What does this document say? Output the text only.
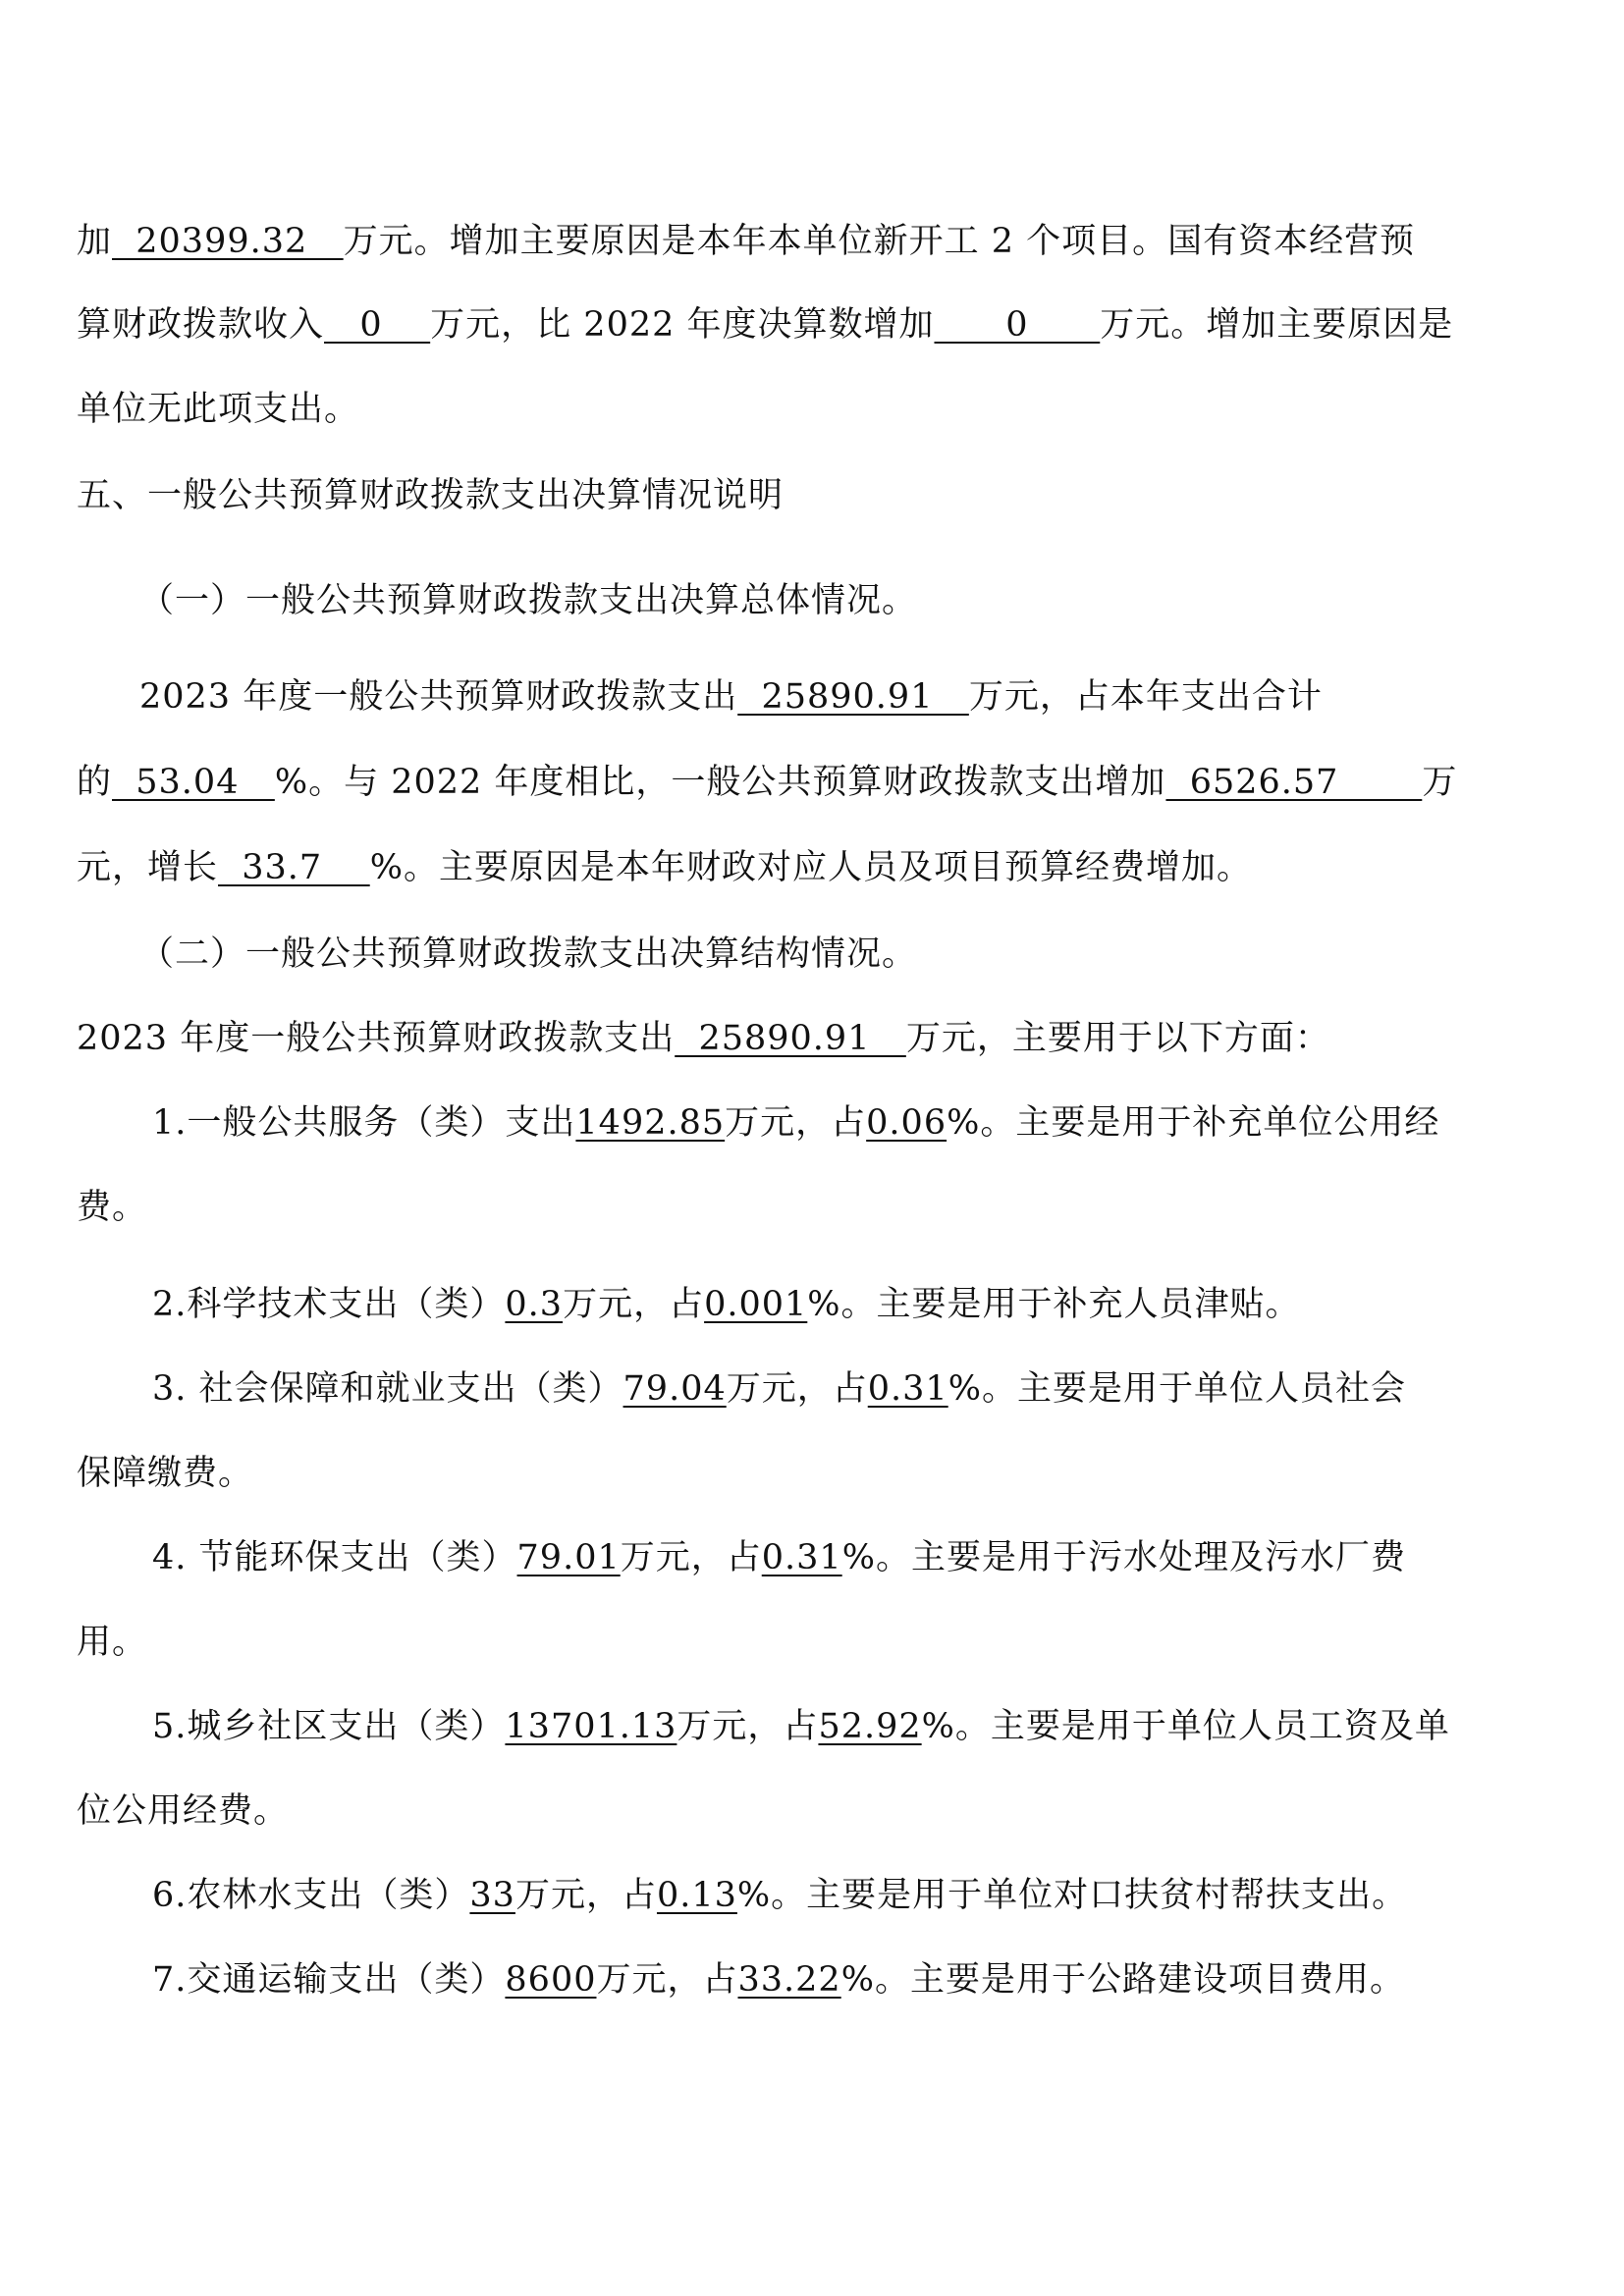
加  20399.32   万元。增加主要原因是本年本单位新开工 2 个项目。国有资本经营预
算财政拨款收入   0    万元，比 2022 年度决算数增加      0      万元。增加主要原因是
单位无此项支出。
五、一般公共预算财政拨款支出决算情况说明
（一）一般公共预算财政拨款支出决算总体情况。
2023 年度一般公共预算财政拨款支出  25890.91   万元，占本年支出合计
的  53.04   %。与 2022 年度相比，一般公共预算财政拨款支出增加  6526.57       万
元，增长  33.7    %。主要原因是本年财政对应人员及项目预算经费增加。
（二）一般公共预算财政拨款支出决算结构情况。
2023 年度一般公共预算财政拨款支出  25890.91   万元，主要用于以下方面：
1.一般公共服务（类）支出1492.85万元，占0.06%。主要是用于补充单位公用经
费。
2.科学技术支出（类）0.3万元，占0.001%。主要是用于补充人员津贴。
3. 社会保障和就业支出（类）79.04万元，占0.31%。主要是用于单位人员社会
保障缴费。
4. 节能环保支出（类）79.01万元，占0.31%。主要是用于污水处理及污水厂费
用。
5.城乡社区支出（类）13701.13万元，占52.92%。主要是用于单位人员工资及单
位公用经费。
6.农林水支出（类）33万元，占0.13%。主要是用于单位对口扶贫村帮扶支出。
7.交通运输支出（类）8600万元，占33.22%。主要是用于公路建设项目费用。
